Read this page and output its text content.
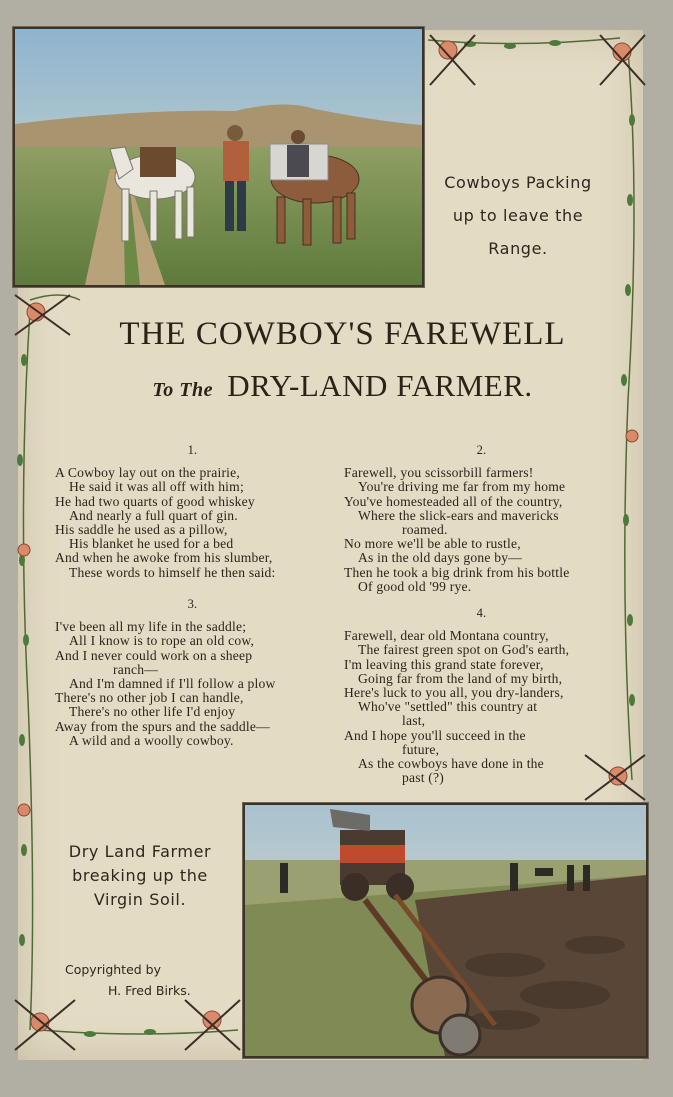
Cowboys Packing
up to leave the
Range.
THE COWBOY'S FAREWELL
To The DRY-LAND FARMER.
1.
A Cowboy lay out on the prairie,
He said it was all off with him;
He had two quarts of good whiskey
And nearly a full quart of gin.
His saddle he used as a pillow,
His blanket he used for a bed
And when he awoke from his slumber,
These words to himself he then said:
2.
Farewell, you scissorbill farmers!
You're driving me far from my home
You've homesteaded all of the country,
Where the slick-ears and mavericks
roamed.
No more we'll be able to rustle,
As in the old days gone by—
Then he took a big drink from his bottle
Of good old '99 rye.
3.
I've been all my life in the saddle;
All I know is to rope an old cow,
And I never could work on a sheep
ranch—
And I'm damned if I'll follow a plow
There's no other job I can handle,
There's no other life I'd enjoy
Away from the spurs and the saddle—
A wild and a woolly cowboy.
4.
Farewell, dear old Montana country,
The fairest green spot on God's earth,
I'm leaving this grand state forever,
Going far from the land of my birth,
Here's luck to you all, you dry-landers,
Who've "settled" this country at
last,
And I hope you'll succeed in the
future,
As the cowboys have done in the
past (?)
Dry Land Farmer
breaking up the
Virgin Soil.
Copyrighted by
H. Fred Birks.
